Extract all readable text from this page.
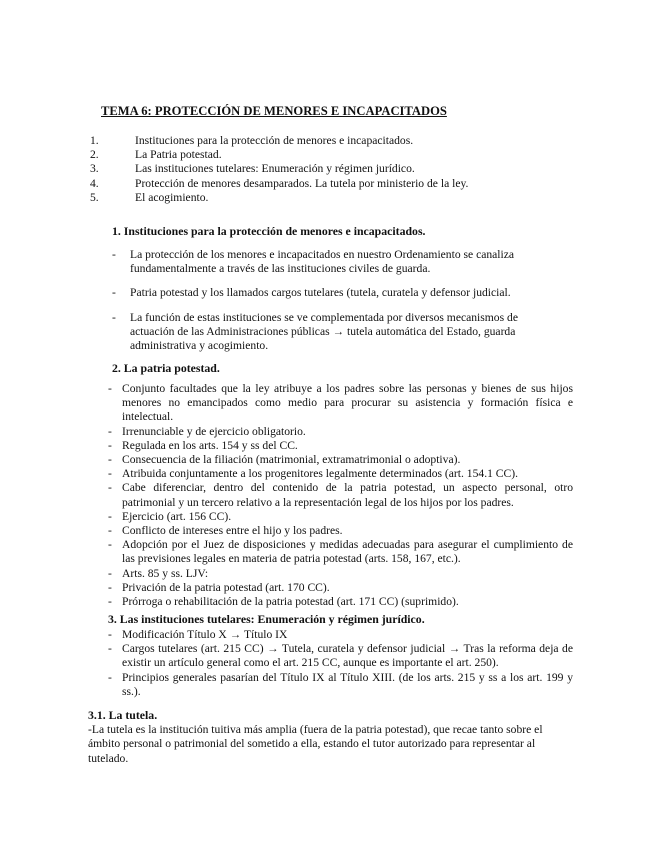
TEMA 6: PROTECCIÓN DE MENORES E INCAPACITADOS
1.	Instituciones para la protección de menores e incapacitados.
2.	La Patria potestad.
3.	Las instituciones tutelares: Enumeración y régimen jurídico.
4.	Protección de menores desamparados. La tutela por ministerio de la ley.
5.	El acogimiento.
1. Instituciones para la protección de menores e incapacitados.
-	La protección de los menores e incapacitados en nuestro Ordenamiento se canaliza fundamentalmente a través de las instituciones civiles de guarda.
-	Patria potestad y los llamados cargos tutelares (tutela, curatela y defensor judicial.
-	La función de estas instituciones se ve complementada por diversos mecanismos de actuación de las Administraciones públicas → tutela automática del Estado, guarda administrativa y acogimiento.
2. La patria potestad.
- Conjunto facultades que la ley atribuye a los padres sobre las personas y bienes de sus hijos menores no emancipados como medio para procurar su asistencia y formación física e intelectual.
- Irrenunciable y de ejercicio obligatorio.
- Regulada en los arts. 154 y ss del CC.
- Consecuencia de la filiación (matrimonial, extramatrimonial o adoptiva).
- Atribuida conjuntamente a los progenitores legalmente determinados (art. 154.1 CC).
- Cabe diferenciar, dentro del contenido de la patria potestad, un aspecto personal, otro patrimonial y un tercero relativo a la representación legal de los hijos por los padres.
- Ejercicio (art. 156 CC).
- Conflicto de intereses entre el hijo y los padres.
- Adopción por el Juez de disposiciones y medidas adecuadas para asegurar el cumplimiento de las previsiones legales en materia de patria potestad (arts. 158, 167, etc.).
- Arts. 85 y ss. LJV:
- Privación de la patria potestad (art. 170 CC).
- Prórroga o rehabilitación de la patria potestad (art. 171 CC) (suprimido).
3. Las instituciones tutelares: Enumeración y régimen jurídico.
- Modificación Título X → Título IX
- Cargos tutelares (art. 215 CC) → Tutela, curatela y defensor judicial → Tras la reforma deja de existir un artículo general como el art. 215 CC, aunque es importante el art. 250).
- Principios generales pasarían del Título IX al Título XIII. (de los arts. 215 y ss a los art. 199 y ss.).
3.1. La tutela.
-La tutela es la institución tuitiva más amplia (fuera de la patria potestad), que recae tanto sobre el ámbito personal o patrimonial del sometido a ella, estando el tutor autorizado para representar al tutelado.
